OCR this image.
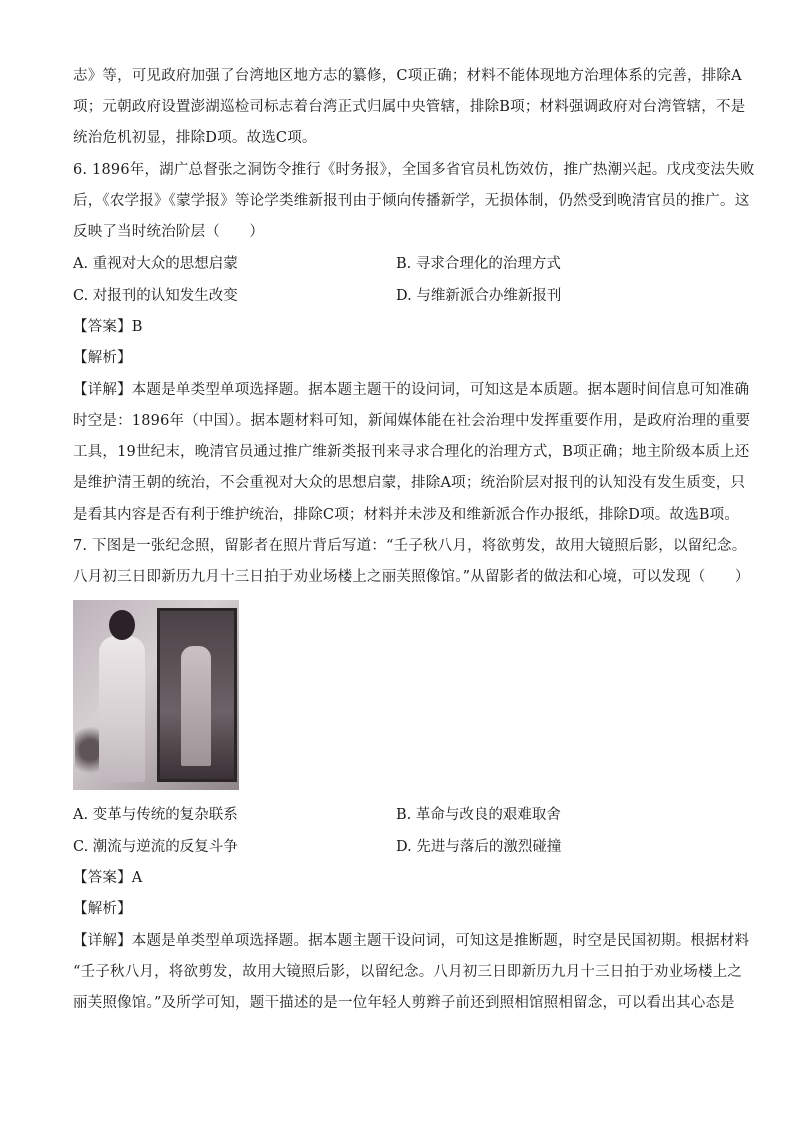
志》等，可见政府加强了台湾地区地方志的纂修，C项正确；材料不能体现地方治理体系的完善，排除A
项；元朝政府设置澎湖巡检司标志着台湾正式归属中央管辖，排除B项；材料强调政府对台湾管辖，不是
统治危机初显，排除D项。故选C项。
6. 1896年，湖广总督张之洞饬令推行《时务报》，全国多省官员札饬效仿，推广热潮兴起。戊戌变法失败
后，《农学报》《蒙学报》等论学类维新报刊由于倾向传播新学，无损体制，仍然受到晚清官员的推广。这
反映了当时统治阶层（　　）
A. 重视对大众的思想启蒙	B. 寻求合理化的治理方式
C. 对报刊的认知发生改变	D. 与维新派合办维新报刊
【答案】B
【解析】
【详解】本题是单类型单项选择题。据本题主题干的设问词，可知这是本质题。据本题时间信息可知准确
时空是：1896年（中国）。据本题材料可知，新闻媒体能在社会治理中发挥重要作用，是政府治理的重要
工具，19世纪末，晚清官员通过推广维新类报刊来寻求合理化的治理方式，B项正确；地主阶级本质上还
是维护清王朝的统治，不会重视对大众的思想启蒙，排除A项；统治阶层对报刊的认知没有发生质变，只
是看其内容是否有利于维护统治，排除C项；材料并未涉及和维新派合作办报纸，排除D项。故选B项。
7. 下图是一张纪念照，留影者在照片背后写道：“壬子秋八月，将欲剪发，故用大镜照后影，以留纪念。
八月初三日即新历九月十三日拍于劝业场楼上之丽芙照像馆。”从留影者的做法和心境，可以发现（　　）
A. 变革与传统的复杂联系	B. 革命与改良的艰难取舍
C. 潮流与逆流的反复斗争	D. 先进与落后的激烈碰撞
【答案】A
【解析】
【详解】本题是单类型单项选择题。据本题主题干设问词，可知这是推断题，时空是民国初期。根据材料
“壬子秋八月，将欲剪发，故用大镜照后影，以留纪念。八月初三日即新历九月十三日拍于劝业场楼上之
丽芙照像馆。”及所学可知，题干描述的是一位年轻人剪辫子前还到照相馆照相留念，可以看出其心态是
